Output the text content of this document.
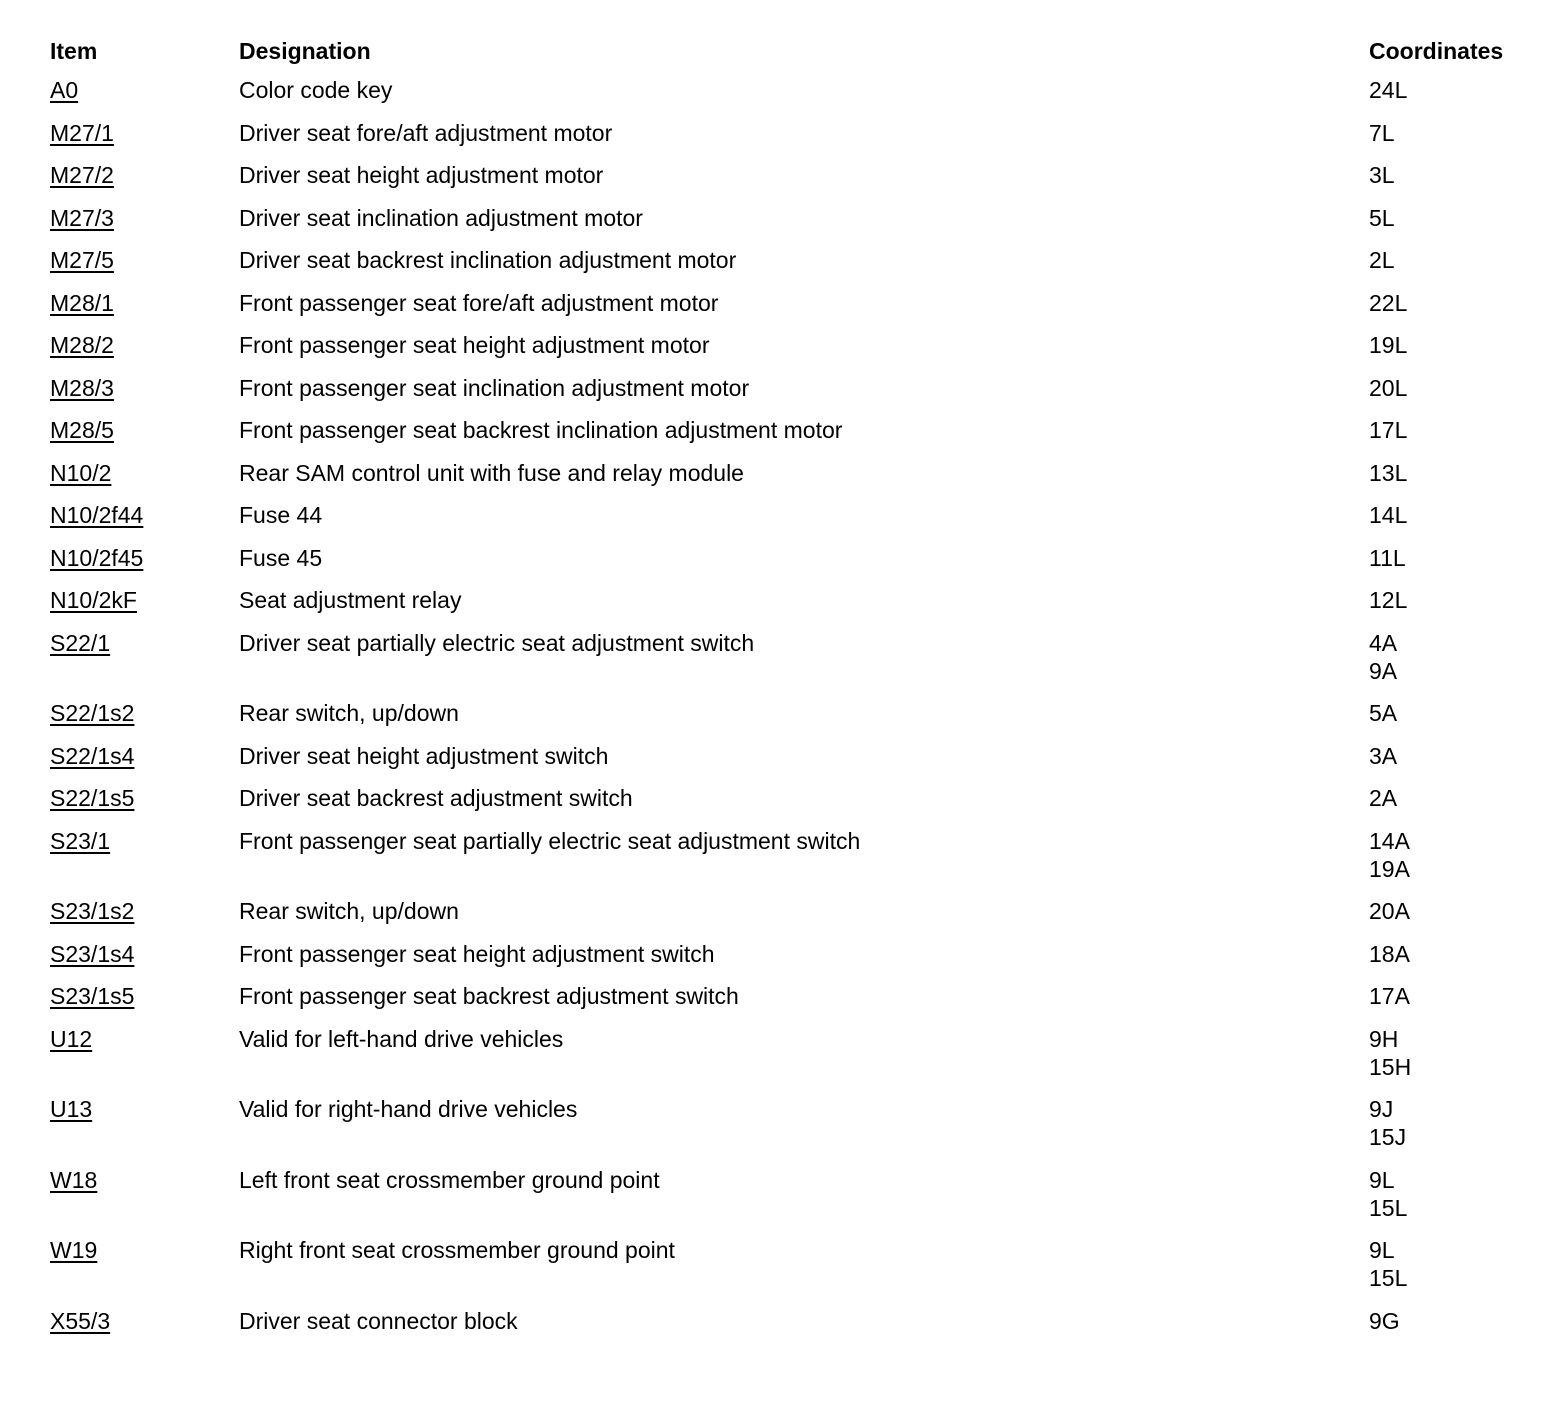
Item	Designation	Coordinates
A0	Color code key	24L
M27/1	Driver seat fore/aft adjustment motor	7L
M27/2	Driver seat height adjustment motor	3L
M27/3	Driver seat inclination adjustment motor	5L
M27/5	Driver seat backrest inclination adjustment motor	2L
M28/1	Front passenger seat fore/aft adjustment motor	22L
M28/2	Front passenger seat height adjustment motor	19L
M28/3	Front passenger seat inclination adjustment motor	20L
M28/5	Front passenger seat backrest inclination adjustment motor	17L
N10/2	Rear SAM control unit with fuse and relay module	13L
N10/2f44	Fuse 44	14L
N10/2f45	Fuse 45	11L
N10/2kF	Seat adjustment relay	12L
S22/1	Driver seat partially electric seat adjustment switch	4A
9A
S22/1s2	Rear switch, up/down	5A
S22/1s4	Driver seat height adjustment switch	3A
S22/1s5	Driver seat backrest adjustment switch	2A
S23/1	Front passenger seat partially electric seat adjustment switch	14A
19A
S23/1s2	Rear switch, up/down	20A
S23/1s4	Front passenger seat height adjustment switch	18A
S23/1s5	Front passenger seat backrest adjustment switch	17A
U12	Valid for left-hand drive vehicles	9H
15H
U13	Valid for right-hand drive vehicles	9J
15J
W18	Left front seat crossmember ground point	9L
15L
W19	Right front seat crossmember ground point	9L
15L
X55/3	Driver seat connector block	9G
